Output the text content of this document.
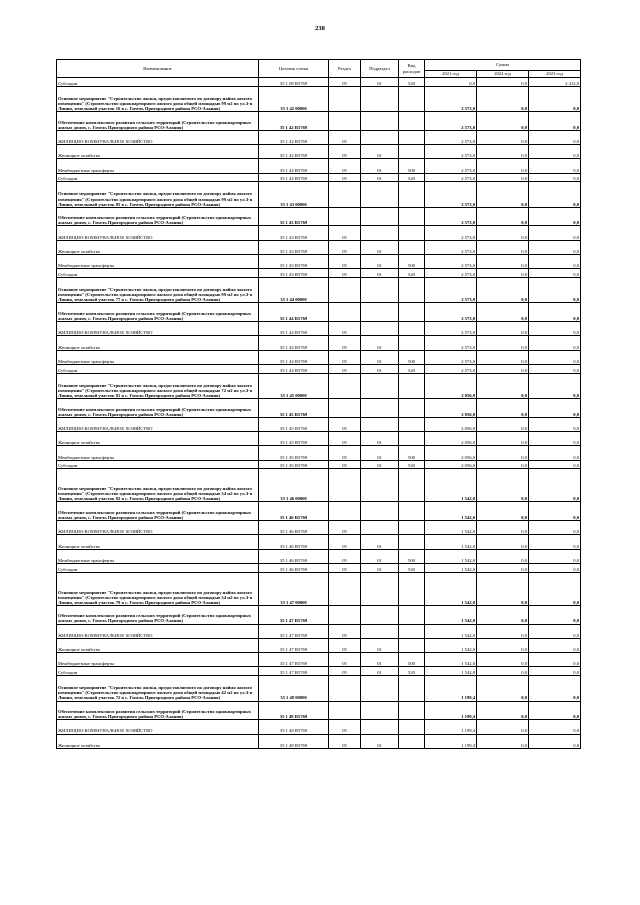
238
Наименование	Целевая статья	Раздел	Подраздел	Вид расходов	Сумма		
					2021 год	2022 год	2023 год
Субсидии	35 1 08 R5769	05	01	520	0,0	0,0	2 412,0
Основное мероприятие "Строительство жилья, предоставляемого по договору найма жилого помещения" (Строительство одноквартирного жилого дома общей площадью 99 м2 по ул.З-я Линия, земельный участок 16 в с. Гизель Пригородного района РСО-Алания)	35 1 42 00000				2 573,0	0,0	0,0
Обеспечение комплексного развития сельских территорий (Строительство одноквартирных жилых домов, с. Гизель Пригородного района РСО-Алания)	35 1 42 R5769				2 573,0	0,0	0,0
ЖИЛИЩНО-КОММУНАЛЬНОЕ ХОЗЯЙСТВО	35 1 42 R5769	05			2 573,0	0,0	0,0
Жилищное хозяйство	35 1 42 R5769	05	01		2 573,0	0,0	0,0
Межбюджетные трансферты	35 1 42 R5769	05	01	500	2 573,0	0,0	0,0
Субсидии	35 1 42 R5769	05	01	520	2 573,0	0,0	0,0
Основное мероприятие "Строительство жилья, предоставляемого по договору найма жилого помещения" (Строительство одноквартирного жилого дома общей площадью 99 м2 по ул.З-я Линия, земельный участок 85 в с. Гизель Пригородного района РСО-Алания)	35 1 43 00000				2 573,0	0,0	0,0
Обеспечение комплексного развития сельских территорий (Строительство одноквартирных жилых домов, с. Гизель Пригородного района РСО-Алания)	35 1 43 R5769				2 573,0	0,0	0,0
ЖИЛИЩНО-КОММУНАЛЬНОЕ ХОЗЯЙСТВО	35 1 43 R5769	05			2 573,0	0,0	0,0
Жилищное хозяйство	35 1 43 R5769	05	01		2 573,0	0,0	0,0
Межбюджетные трансферты	35 1 43 R5769	05	01	500	2 573,0	0,0	0,0
Субсидии	35 1 43 R5769	05	01	520	2 573,0	0,0	0,0
Основное мероприятие "Строительство жилья, предоставляемого по договору найма жилого помещения" (Строительство одноквартирного жилого дома общей площадью 99 м2 по ул.З-я Линия, земельный участок 77 в с. Гизель Пригородного района РСО-Алания)	35 1 44 00000				2 573,0	0,0	0,0
Обеспечение комплексного развития сельских территорий (Строительство одноквартирных жилых домов, с. Гизель Пригородного района РСО-Алания)	35 1 44 R5769				2 573,0	0,0	0,0
ЖИЛИЩНО-КОММУНАЛЬНОЕ ХОЗЯЙСТВО	35 1 44 R5769	05			2 573,0	0,0	0,0
Жилищное хозяйство	35 1 44 R5769	05	01		2 573,0	0,0	0,0
Межбюджетные трансферты	35 1 44 R5769	05	01	500	2 573,0	0,0	0,0
Субсидии	35 1 44 R5769	05	01	520	2 573,0	0,0	0,0
Основное мероприятие "Строительство жилья, предоставляемого по договору найма жилого помещения" (Строительство одноквартирного жилого дома общей площадью 72 м2 по ул.З-я Линия, земельный участок 81 в с. Гизель Пригородного района РСО-Алания)	35 1 45 00000				2 056,0	0,0	0,0
Обеспечение комплексного развития сельских территорий (Строительство одноквартирных жилых домов, с. Гизель Пригородного района РСО-Алания)	35 1 45 R5769				2 056,0	0,0	0,0
ЖИЛИЩНО-КОММУНАЛЬНОЕ ХОЗЯЙСТВО	35 1 45 R5769	05			2 056,0	0,0	0,0
Жилищное хозяйство	35 1 45 R5769	05	01		2 056,0	0,0	0,0
Межбюджетные трансферты	35 1 45 R5769	05	01	500	2 056,0	0,0	0,0
Субсидии	35 1 45 R5769	05	01	520	2 056,0	0,0	0,0
Основное мероприятие "Строительство жилья, предоставляемого по договору найма жилого помещения" (Строительство одноквартирного жилого дома общей площадью 54 м2 по ул.З-я Линия, земельный участок 82 в с. Гизель Пригородного района РСО-Алания)	35 1 46 00000				1 542,0	0,0	0,0
Обеспечение комплексного развития сельских территорий (Строительство одноквартирных жилых домов, с. Гизель Пригородного района РСО-Алания)	35 1 46 R5769				1 542,0	0,0	0,0
ЖИЛИЩНО-КОММУНАЛЬНОЕ ХОЗЯЙСТВО	35 1 46 R5769	05			1 542,0	0,0	0,0
Жилищное хозяйство	35 1 46 R5769	05	01		1 542,0	0,0	0,0
Межбюджетные трансферты	35 1 46 R5769	05	01	500	1 542,0	0,0	0,0
Субсидии	35 1 46 R5769	05	01	520	1 542,0	0,0	0,0
Основное мероприятие "Строительство жилья, предоставляемого по договору найма жилого помещения" (Строительство одноквартирного жилого дома общей площадью 54 м2 по ул.З-я Линия, земельный участок 79 в с. Гизель Пригородного района РСО-Алания)	35 1 47 00000				1 542,0	0,0	0,0
Обеспечение комплексного развития сельских территорий (Строительство одноквартирных жилых домов, с. Гизель Пригородного района РСО-Алания)	35 1 47 R5769				1 542,0	0,0	0,0
ЖИЛИЩНО-КОММУНАЛЬНОЕ ХОЗЯЙСТВО	35 1 47 R5769	05			1 542,0	0,0	0,0
Жилищное хозяйство	35 1 47 R5769	05	01		1 542,0	0,0	0,0
Межбюджетные трансферты	35 1 47 R5769	05	01	500	1 542,0	0,0	0,0
Субсидии	35 1 47 R5769	05	01	520	1 542,0	0,0	0,0
Основное мероприятие "Строительство жилья, предоставляемого по договору найма жилого помещения" (Строительство одноквартирного жилого дома общей площадью 42 м2 по ул.З-я Линия, земельный участок 72 в с. Гизель Пригородного района РСО-Алания)	35 1 48 00000				1 199,4	0,0	0,0
Обеспечение комплексного развития сельских территорий (Строительство одноквартирных жилых домов, с. Гизель Пригородного района РСО-Алания)	35 1 48 R5769				1 199,4	0,0	0,0
ЖИЛИЩНО-КОММУНАЛЬНОЕ ХОЗЯЙСТВО	35 1 48 R5769	05			1 199,4	0,0	0,0
Жилищное хозяйство	35 1 48 R5769	05	01		1 199,4	0,0	0,0
